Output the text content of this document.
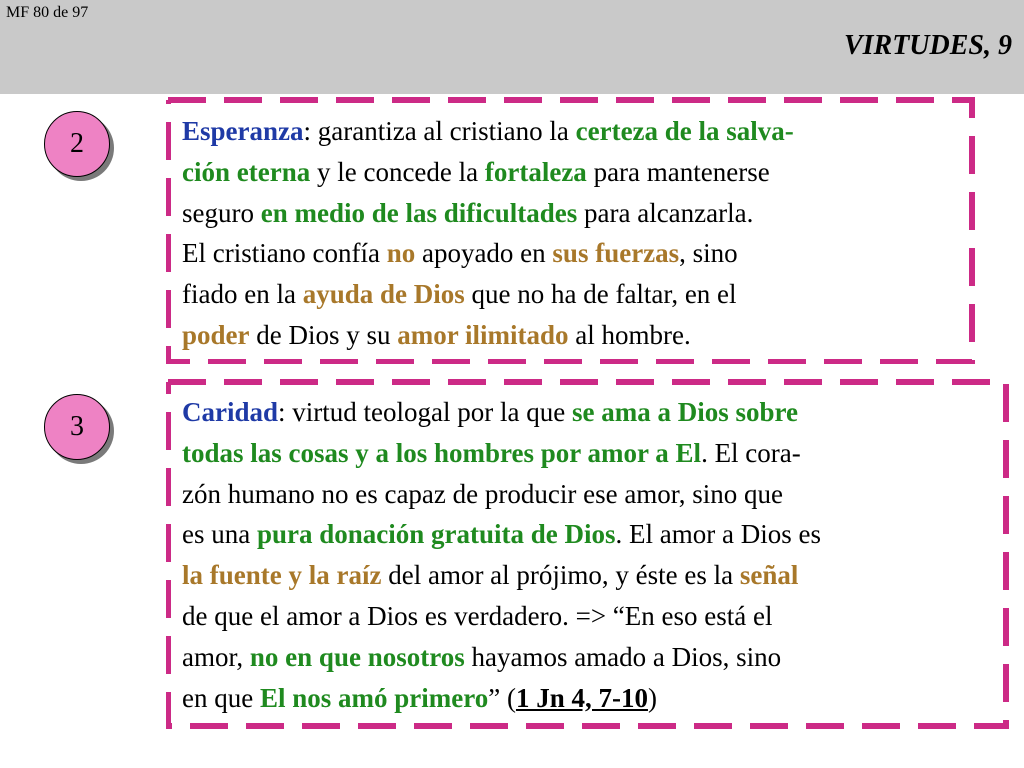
MF 80 de 97
VIRTUDES, 9
2	Esperanza: garantiza al cristiano la certeza de la salva-
ción eterna y le concede la fortaleza para mantenerse
seguro en medio de las dificultades para alcanzarla.
El cristiano confía no apoyado en sus fuerzas, sino
fiado en la ayuda de Dios que no ha de faltar, en el
poder de Dios y su amor ilimitado al hombre.
3	Caridad: virtud teologal por la que se ama a Dios sobre
todas las cosas y a los hombres por amor a El. El cora-
zón humano no es capaz de producir ese amor, sino que
es una pura donación gratuita de Dios. El amor a Dios es
la fuente y la raíz del amor al prójimo, y éste es la señal
de que el amor a Dios es verdadero. => “En eso está el
amor, no en que nosotros hayamos amado a Dios, sino
en que El nos amó primero” (1 Jn 4, 7-10)
